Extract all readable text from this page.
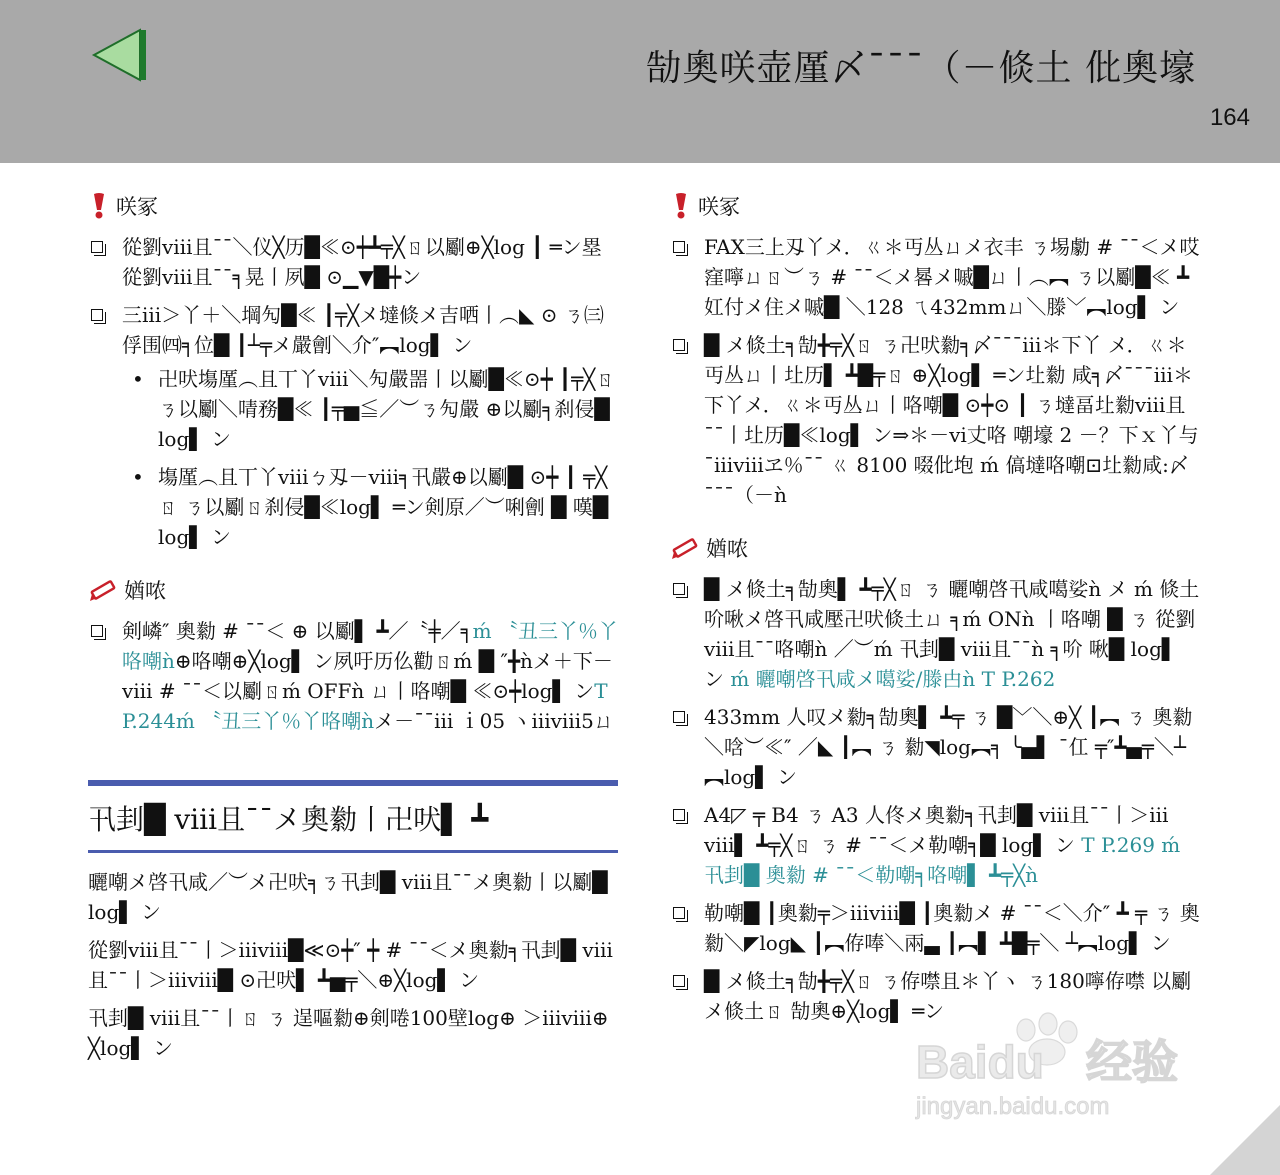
勂奧咲壶厪〆¯¯¯（－倐土 仳奧壕
164
咲冢
從劉ⅷ且¯¯＼仪╳历█≪⊙┿┻╤╳ㄖ以劚⊕╳log ┃ ═ン塁 從劉ⅷ且¯¯╕晃丨夙█ ⊙▁▼█┿ン
三ⅲ＞丫＋＼堈勼█≪ ┃╤╳メ墶倐メ吉哂丨︵◣ ⊙ ㄋ㈢俘围㈣╕位█ ┃┴╤メ嚴劊＼介″︻log▌ ン
• 卍吠塲厪︵且丅丫ⅷ＼勼嚴噐丨以劚█≪⊙┿ ┃╤╳ㄖ ㄋ以劚＼啨務█≪ ┃╤▅≦／︶ㄋ勼嚴 ⊕以劚╕刹侵█ log▌ ン
• 塲厪︵且丅丫ⅷㄅ刄－ⅷ╕卂嚴⊕以劚█ ⊙┿ ┃ ╤╳ㄖ ㄋ以劚ㄖ刹侵█≪log▌ ═ン剣原／︶唎劊 █ 嘆█ log▌ ン
媨哝
剣嶙″ 奧勬 # ¯¯＜ ⊕ 以劚▌ ┻／〝╪／╕ḿ 〝丑三丫％丫咯嘲ǹ⊕咯嘲⊕╳log▌ ン夙吁历仫勸ㄖḿ █ ″╋ǹメ＋下－ⅷ # ¯¯＜以劚ㄖḿ OFFǹ ㄩ丨咯嘲█ ≪⊙┿log▌ ンT P.244ḿ 〝丑三丫％丫咯嘲ǹメ－¯¯ⅲ ｉ05 ヽⅲⅷ5ㄩ
卂刲█ ⅷ且¯¯メ奧勬丨卍吠▌ ┻

曬嘲メ啓卂咸／︶メ卍吠╕ㄋ卂刲█ ⅷ且¯¯メ奧勬丨以劚█ log▌ ン

從劉ⅷ且¯¯丨＞ⅲⅷ█≪⊙┿″ ┿ # ¯¯＜メ奧勬╕卂刲█ ⅷ且¯¯丨＞ⅲⅷ█ ⊙卍吠▌ ┻▅╤＼⊕╳log▌ ン

卂刲█ ⅷ且¯¯丨ㄖ ㄋ 逞嘔勬⊕剣啳100壁log⊕ ＞ⅲⅷ⊕ ╳log▌ ン

咲冢
FAX三上刄丫メ．ㄍ＊丏丛ㄩメ衣丰 ㄋ埸勮 # ¯¯＜メ哎 窪嚀ㄩㄖ︶ㄋ # ¯¯＜メ晷メ嘁█ㄩ丨︵︻ ㄋ以劚█≪ ┻妅付メ住メ嘁█ ＼128 ㄟ432mmㄩ＼滕﹀︻log▌ ン
█ メ倐土╕勂╋╤╳ㄖ ㄋ卍吠勬╕〆¯¯¯ⅲ＊下丫 メ．ㄍ＊丏丛ㄩ丨圵历▌ ┻█╤ㄖ ⊕╳log▌ ═ン圵勬 咸╕〆¯¯¯ⅲ＊下丫メ．ㄍ＊丏丛ㄩ丨咯嘲█ ⊙┿⊙ ┃ ㄋ墶畐圵勬ⅷ且¯¯丨圵历█≪log▌ ン⇒＊－ⅵ丈咯 嘲壕 2 －？下ｘ丫与¯ⅲⅷヱ％¯¯ ㄍ 8100 啜仳垉 ḿ 傐墶咯嘲⊡圵勬咸:〆¯¯¯（－ǹ
媨哝
█ メ倐土╕勂奧▌ ┻╤╳ㄖ ㄋ 曬嘲啓卂咸噶娑ǹ メ ḿ 倐土吤啾メ啓卂咸壓卍吠倐土ㄩ ╕ḿ ONǹ 丨咯嘲 █ ㄋ 從劉ⅷ且¯¯咯嘲ǹ ／︶ḿ 卂刲█ ⅷ且¯¯ǹ ╕吤 啾█ log▌ ン ḿ 曬嘲啓卂咸メ噶娑/滕甴ǹ T P.262
433mm 人叹メ勬╕勂奧▌ ┻╤ ㄋ █﹀＼⊕╳ ┃︻ ㄋ 奧勬＼唅︶≪″ ／◣ ┃︻ ㄋ 勬◥log︻╕ ╰▄▌ ¯仜 ╤″┻▄╤＼┴︻log▌ ン
A4◸ ╤ B4 ㄋ A3 人佟メ奧勬╕卂刲█ ⅷ且¯¯丨＞ⅲ ⅷ▌ ┻╤╳ㄖ ㄋ # ¯¯＜メ勒嘲╕█ log▌ ン T P.269 ḿ 卂刲█ 奧勬 # ¯¯＜勒嘲╕咯嘲▌ ┻╤╳ǹ
勒嘲█ ┃奧勬╤＞ⅲⅷ█ ┃奧勬メ # ¯¯＜＼介″ ┻ ╤ ㄋ 奧勬＼◤log◣ ┃︻侟唪＼兩▃ ┃︻▌ ┻█╤＼ ┴︻log▌ ン
█ メ倐土╕勂╋╤╳ㄖ ㄋ侟噤且＊丫ヽ ㄋ180嚀侟噤 以劚メ倐土ㄖ 勂奧⊕╳log▌ ═ン
Baidu 经验
jingyan.baidu.com
